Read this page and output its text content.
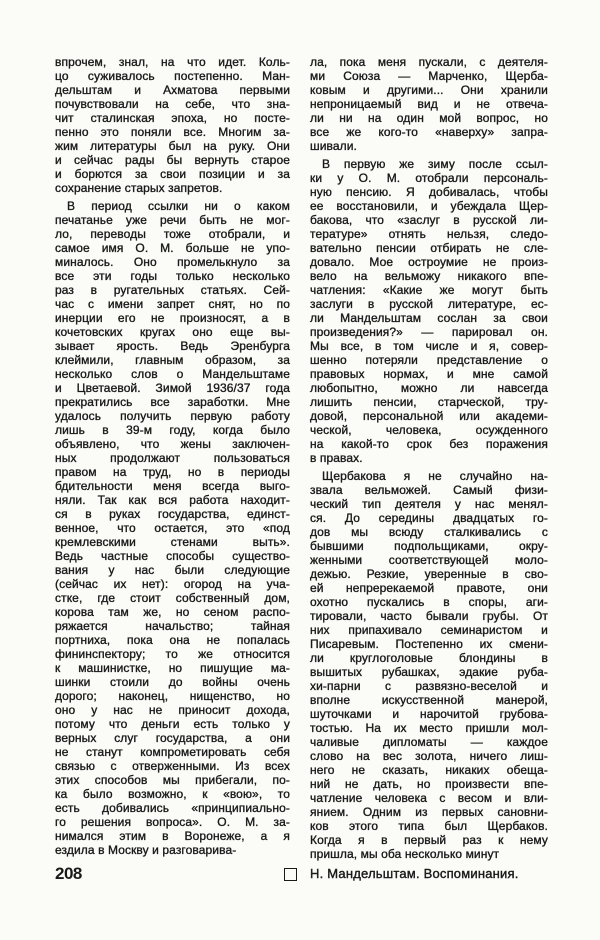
впрочем, знал, на что идет. Коль-
цо суживалось постепенно. Ман-
дельштам и Ахматова первыми
почувствовали на себе, что зна-
чит сталинская эпоха, но посте-
пенно это поняли все. Многим за-
жим литературы был на руку. Они
и сейчас рады бы вернуть старое
и борются за свои позиции и за
сохранение старых запретов.
В период ссылки ни о каком
печатанье уже речи быть не мог-
ло, переводы тоже отобрали, и
самое имя О. М. больше не упо-
миналось. Оно промелькнуло за
все эти годы только несколько
раз в ругательных статьях. Сей-
час с имени запрет снят, но по
инерции его не произносят, а в
кочетовских кругах оно еще вы-
зывает ярость. Ведь Эренбурга
клеймили, главным образом, за
несколько слов о Мандельштаме
и Цветаевой. Зимой 1936/37 года
прекратились все заработки. Мне
удалось получить первую работу
лишь в 39-м году, когда было
объявлено, что жены заключен-
ных продолжают пользоваться
правом на труд, но в периоды
бдительности меня всегда выго-
няли. Так как вся работа находит-
ся в руках государства, единст-
венное, что остается, это «под
кремлевскими стенами выть».
Ведь частные способы существо-
вания у нас были следующие
(сейчас их нет): огород на уча-
стке, где стоит собственный дом,
корова там же, но сеном распо-
ряжается начальство; тайная
портниха, пока она не попалась
фининспектору; то же относится
к машинистке, но пишущие ма-
шинки стоили до войны очень
дорого; наконец, нищенство, но
оно у нас не приносит дохода,
потому что деньги есть только у
верных слуг государства, а они
не станут компрометировать себя
связью с отверженными. Из всех
этих способов мы прибегали, по-
ка было возможно, к «вою», то
есть добивались «принципиально-
го решения вопроса». О. М. за-
нимался этим в Воронеже, а я
ездила в Москву и разговарива-
ла, пока меня пускали, с деятеля-
ми Союза — Марченко, Щерба-
ковым и другими... Они хранили
непроницаемый вид и не отвеча-
ли ни на один мой вопрос, но
все же кого-то «наверху» запра-
шивали.
В первую же зиму после ссыл-
ки у О. М. отобрали персональ-
ную пенсию. Я добивалась, чтобы
ее восстановили, и убеждала Щер-
бакова, что «заслуг в русской ли-
тературе» отнять нельзя, следо-
вательно пенсии отбирать не сле-
довало. Мое остроумие не произ-
вело на вельможу никакого впе-
чатления: «Какие же могут быть
заслуги в русской литературе, ес-
ли Мандельштам сослан за свои
произведения?» — парировал он.
Мы все, в том числе и я, совер-
шенно потеряли представление о
правовых нормах, и мне самой
любопытно, можно ли навсегда
лишить пенсии, старческой, тру-
довой, персональной или академи-
ческой, человека, осужденного
на какой-то срок без поражения
в правах.
Щербакова я не случайно на-
звала вельможей. Самый физи-
ческий тип деятеля у нас менял-
ся. До середины двадцатых го-
дов мы всюду сталкивались с
бывшими подпольщиками, окру-
женными соответствующей моло-
дежью. Резкие, уверенные в сво-
ей непререкаемой правоте, они
охотно пускались в споры, аги-
тировали, часто бывали грубы. От
них припахивало семинаристом и
Писаревым. Постепенно их смени-
ли круглоголовые блондины в
вышитых рубашках, эдакие руба-
хи-парни с развязно-веселой и
вполне искусственной манерой,
шуточками и нарочитой грубова-
тостью. На их место пришли мол-
чаливые дипломаты — каждое
слово на вес золота, ничего лиш-
него не сказать, никаких обеща-
ний не дать, но произвести впе-
чатление человека с весом и вли-
янием. Одним из первых сановни-
ков этого типа был Щербаков.
Когда я в первый раз к нему
пришла, мы оба несколько минут
208	Н. Мандельштам. Воспоминания.
